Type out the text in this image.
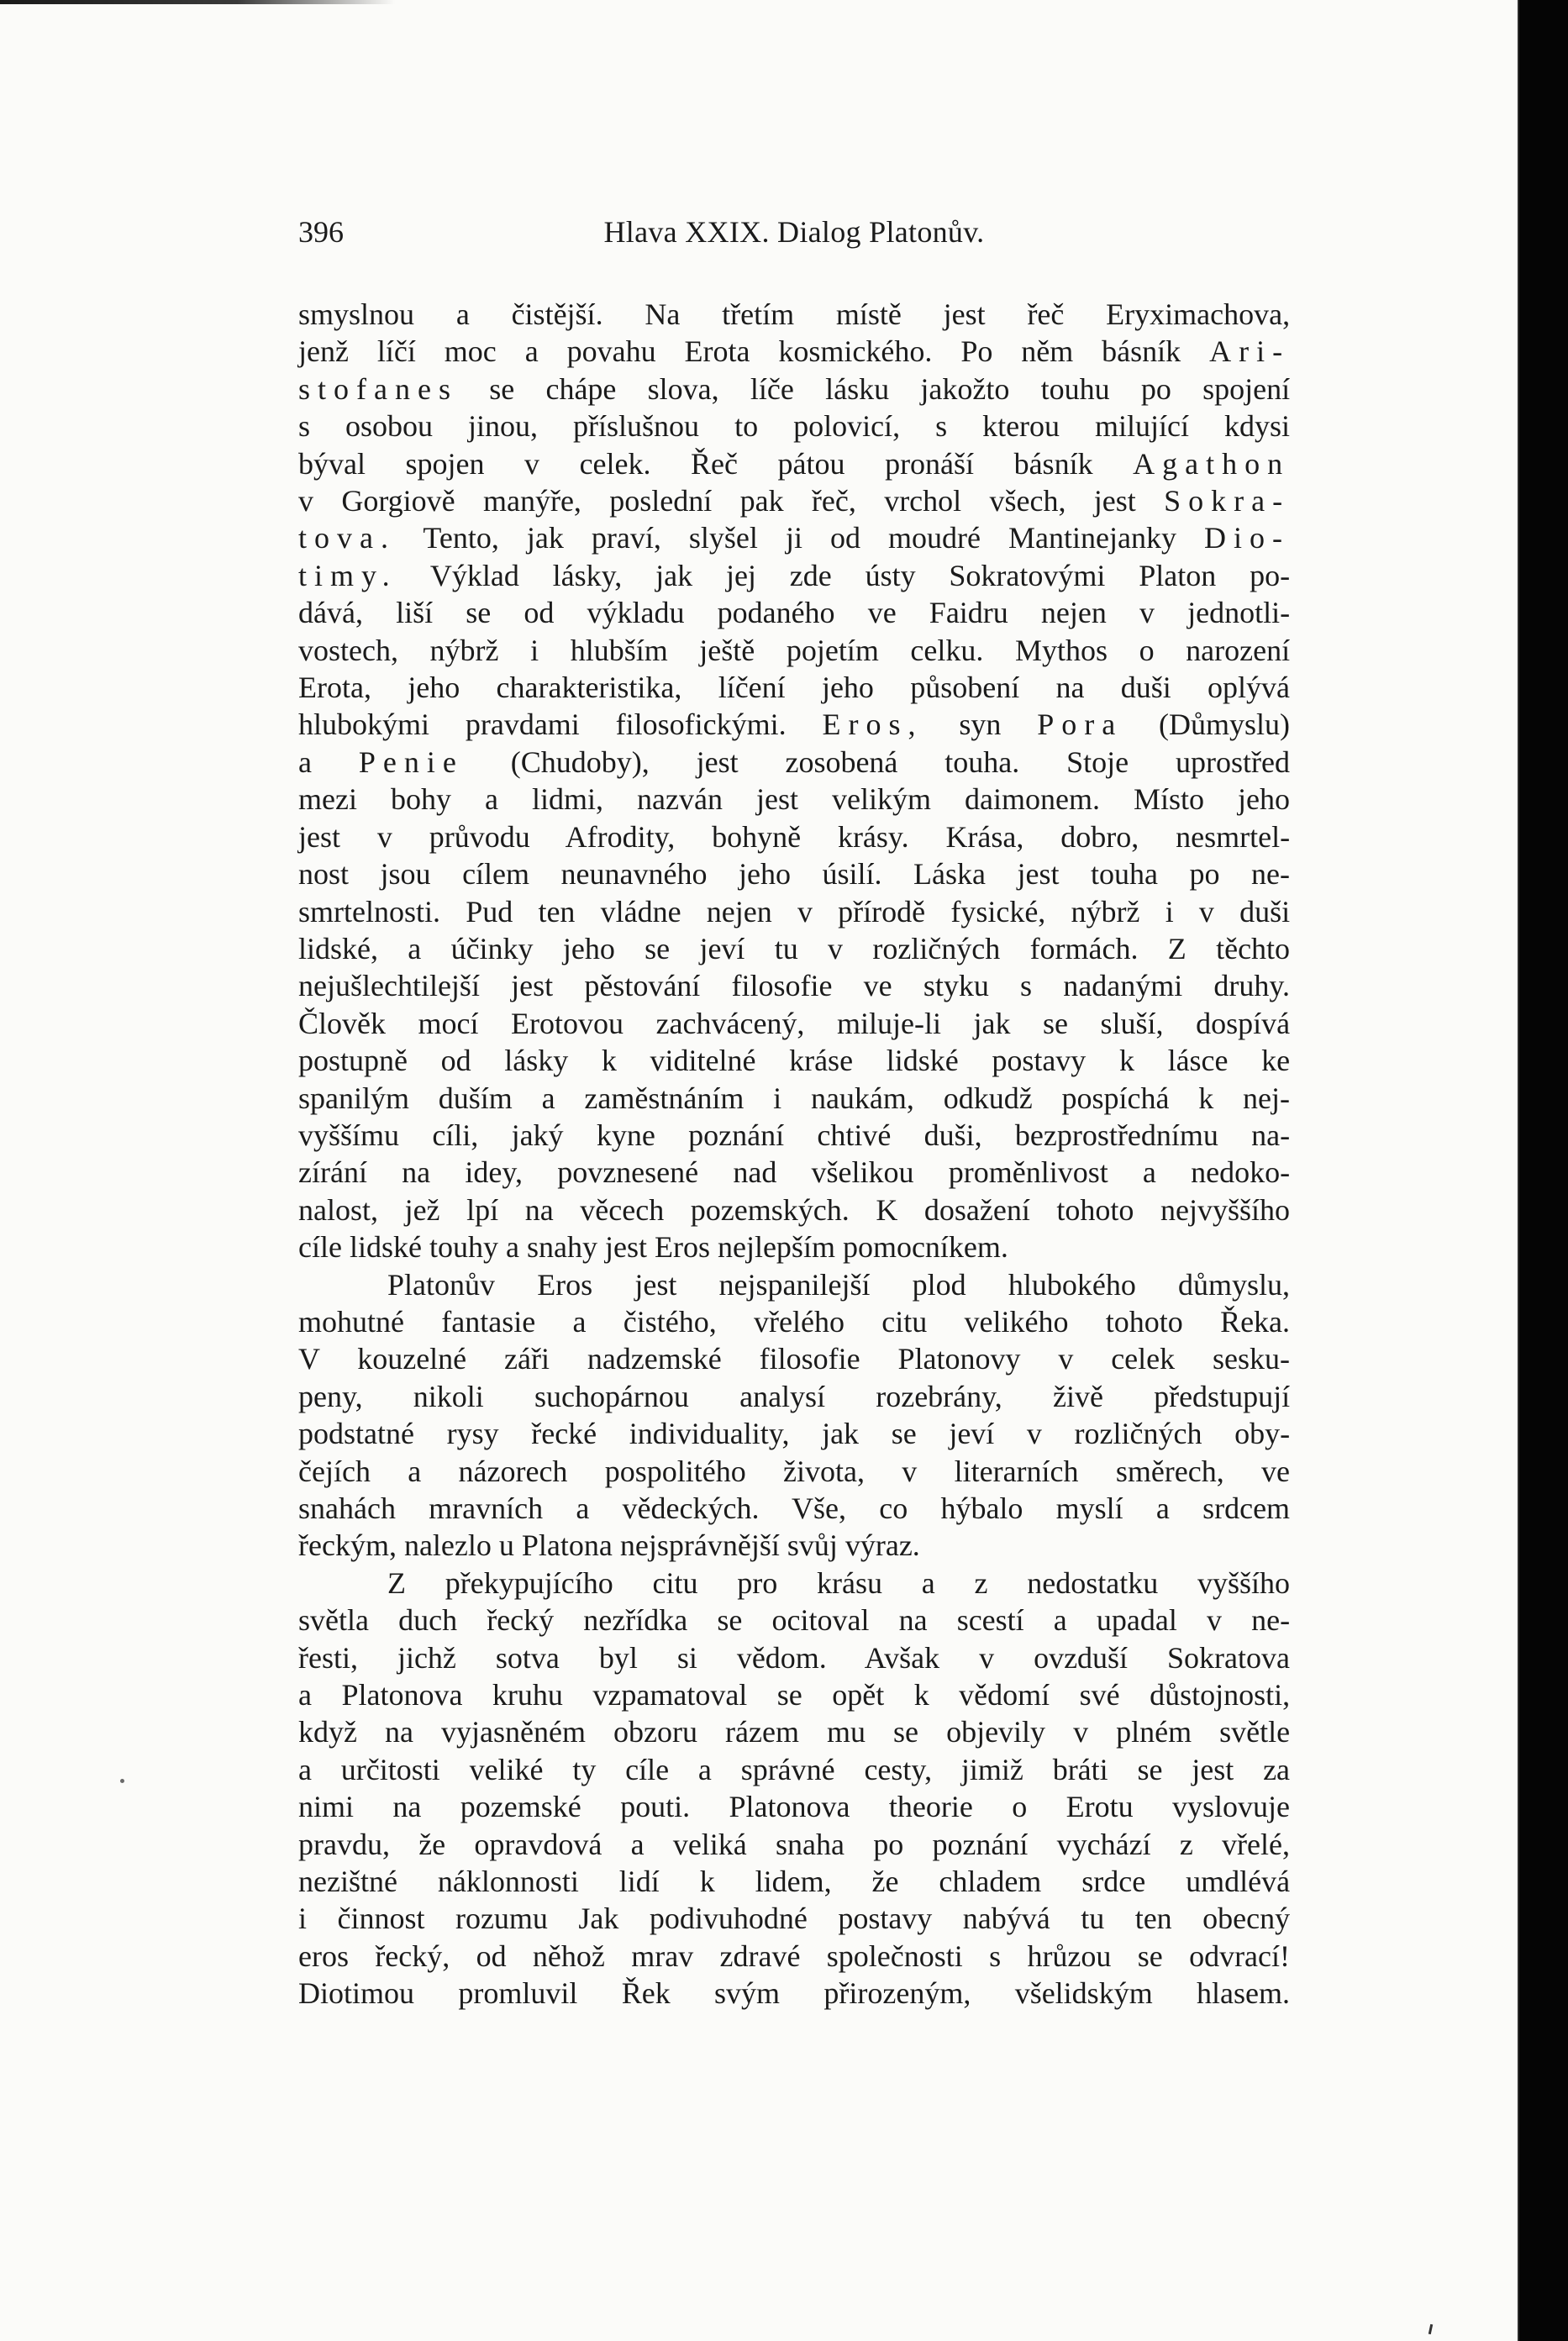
396	Hlava XXIX. Dialog Platonův.
smyslnou a čistější. Na třetím místě jest řeč Eryximachova,
jenž líčí moc a povahu Erota kosmického. Po něm básník Ari-
stofanes se chápe slova, líče lásku jakožto touhu po spojení
s osobou jinou, příslušnou to polovicí, s kterou milující kdysi
býval spojen v celek. Řeč pátou pronáší básník Agathon
v Gorgiově manýře, poslední pak řeč, vrchol všech, jest Sokra-
tova. Tento, jak praví, slyšel ji od moudré Mantinejanky Dio-
timy. Výklad lásky, jak jej zde ústy Sokratovými Platon po-
dává, liší se od výkladu podaného ve Faidru nejen v jednotli-
vostech, nýbrž i hlubším ještě pojetím celku. Mythos o narození
Erota, jeho charakteristika, líčení jeho působení na duši oplývá
hlubokými pravdami filosofickými. Eros, syn Pora (Důmyslu)
a Penie (Chudoby), jest zosobená touha. Stoje uprostřed
mezi bohy a lidmi, nazván jest velikým daimonem. Místo jeho
jest v průvodu Afrodity, bohyně krásy. Krása, dobro, nesmrtel-
nost jsou cílem neunavného jeho úsilí. Láska jest touha po ne-
smrtelnosti. Pud ten vládne nejen v přírodě fysické, nýbrž i v duši
lidské, a účinky jeho se jeví tu v rozličných formách. Z těchto
nejušlechtilejší jest pěstování filosofie ve styku s nadanými druhy.
Člověk mocí Erotovou zachvácený, miluje-li jak se sluší, dospívá
postupně od lásky k viditelné kráse lidské postavy k lásce ke
spanilým duším a zaměstnáním i naukám, odkudž pospíchá k nej-
vyššímu cíli, jaký kyne poznání chtivé duši, bezprostřednímu na-
zírání na idey, povznesené nad všelikou proměnlivost a nedoko-
nalost, jež lpí na věcech pozemských. K dosažení tohoto nejvyššího
cíle lidské touhy a snahy jest Eros nejlepším pomocníkem.
Platonův Eros jest nejspanilejší plod hlubokého důmyslu,
mohutné fantasie a čistého, vřelého citu velikého tohoto Řeka.
V kouzelné záři nadzemské filosofie Platonovy v celek sesku-
peny, nikoli suchopárnou analysí rozebrány, živě předstupují
podstatné rysy řecké individuality, jak se jeví v rozličných oby-
čejích a názorech pospolitého života, v literarních směrech, ve
snahách mravních a vědeckých. Vše, co hýbalo myslí a srdcem
řeckým, nalezlo u Platona nejsprávnější svůj výraz.
Z překypujícího citu pro krásu a z nedostatku vyššího
světla duch řecký nezřídka se ocitoval na scestí a upadal v ne-
řesti, jichž sotva byl si vědom. Avšak v ovzduší Sokratova
a Platonova kruhu vzpamatoval se opět k vědomí své důstojnosti,
když na vyjasněném obzoru rázem mu se objevily v plném světle
a určitosti veliké ty cíle a správné cesty, jimiž bráti se jest za
nimi na pozemské pouti. Platonova theorie o Erotu vyslovuje
pravdu, že opravdová a veliká snaha po poznání vychází z vřelé,
nezištné náklonnosti lidí k lidem, že chladem srdce umdlévá
i činnost rozumu Jak podivuhodné postavy nabývá tu ten obecný
eros řecký, od něhož mrav zdravé společnosti s hrůzou se odvrací!
Diotimou promluvil Řek svým přirozeným, všelidským hlasem.
